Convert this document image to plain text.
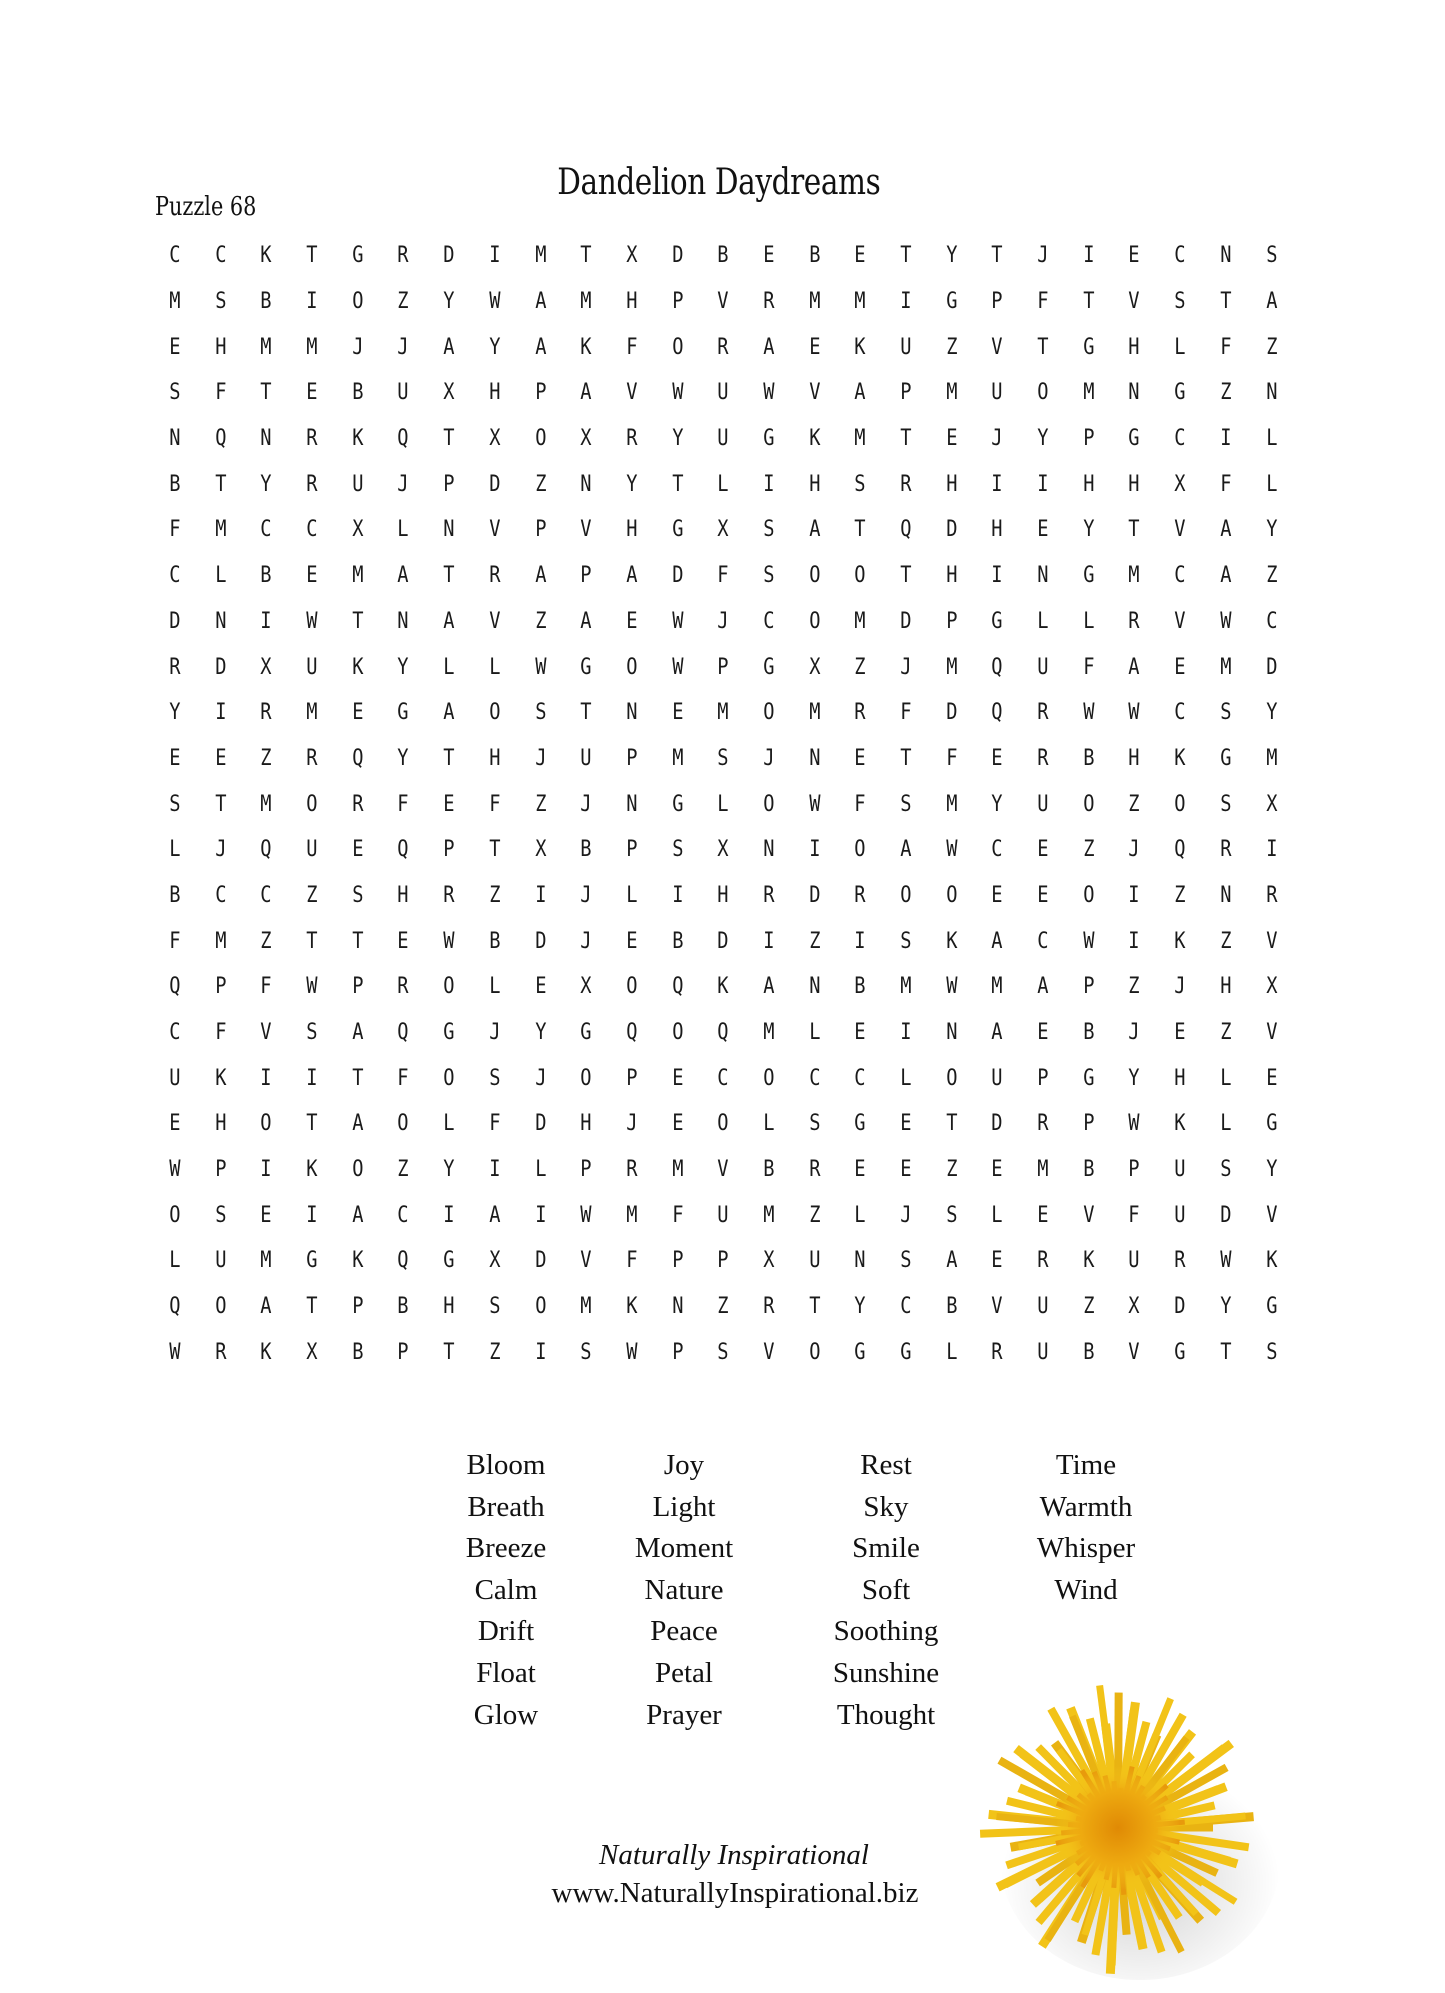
Dandelion Daydreams
Puzzle 68
C	C	K	T	G	R	D	I	M	T	X	D	B	E	B	E	T	Y	T	J	I	E	C	N	S
M	S	B	I	O	Z	Y	W	A	M	H	P	V	R	M	M	I	G	P	F	T	V	S	T	A
E	H	M	M	J	J	A	Y	A	K	F	O	R	A	E	K	U	Z	V	T	G	H	L	F	Z
S	F	T	E	B	U	X	H	P	A	V	W	U	W	V	A	P	M	U	O	M	N	G	Z	N
N	Q	N	R	K	Q	T	X	O	X	R	Y	U	G	K	M	T	E	J	Y	P	G	C	I	L
B	T	Y	R	U	J	P	D	Z	N	Y	T	L	I	H	S	R	H	I	I	H	H	X	F	L
F	M	C	C	X	L	N	V	P	V	H	G	X	S	A	T	Q	D	H	E	Y	T	V	A	Y
C	L	B	E	M	A	T	R	A	P	A	D	F	S	O	O	T	H	I	N	G	M	C	A	Z
D	N	I	W	T	N	A	V	Z	A	E	W	J	C	O	M	D	P	G	L	L	R	V	W	C
R	D	X	U	K	Y	L	L	W	G	O	W	P	G	X	Z	J	M	Q	U	F	A	E	M	D
Y	I	R	M	E	G	A	O	S	T	N	E	M	O	M	R	F	D	Q	R	W	W	C	S	Y
E	E	Z	R	Q	Y	T	H	J	U	P	M	S	J	N	E	T	F	E	R	B	H	K	G	M
S	T	M	O	R	F	E	F	Z	J	N	G	L	O	W	F	S	M	Y	U	O	Z	O	S	X
L	J	Q	U	E	Q	P	T	X	B	P	S	X	N	I	O	A	W	C	E	Z	J	Q	R	I
B	C	C	Z	S	H	R	Z	I	J	L	I	H	R	D	R	O	O	E	E	O	I	Z	N	R
F	M	Z	T	T	E	W	B	D	J	E	B	D	I	Z	I	S	K	A	C	W	I	K	Z	V
Q	P	F	W	P	R	O	L	E	X	O	Q	K	A	N	B	M	W	M	A	P	Z	J	H	X
C	F	V	S	A	Q	G	J	Y	G	Q	O	Q	M	L	E	I	N	A	E	B	J	E	Z	V
U	K	I	I	T	F	O	S	J	O	P	E	C	O	C	C	L	O	U	P	G	Y	H	L	E
E	H	O	T	A	O	L	F	D	H	J	E	O	L	S	G	E	T	D	R	P	W	K	L	G
W	P	I	K	O	Z	Y	I	L	P	R	M	V	B	R	E	E	Z	E	M	B	P	U	S	Y
O	S	E	I	A	C	I	A	I	W	M	F	U	M	Z	L	J	S	L	E	V	F	U	D	V
L	U	M	G	K	Q	G	X	D	V	F	P	P	X	U	N	S	A	E	R	K	U	R	W	K
Q	O	A	T	P	B	H	S	O	M	K	N	Z	R	T	Y	C	B	V	U	Z	X	D	Y	G
W	R	K	X	B	P	T	Z	I	S	W	P	S	V	O	G	G	L	R	U	B	V	G	T	S
Bloom
Breath
Breeze
Calm
Drift
Float
Glow
Joy
Light
Moment
Nature
Peace
Petal
Prayer
Rest
Sky
Smile
Soft
Soothing
Sunshine
Thought
Time
Warmth
Whisper
Wind
Naturally Inspirational
www.NaturallyInspirational.biz
